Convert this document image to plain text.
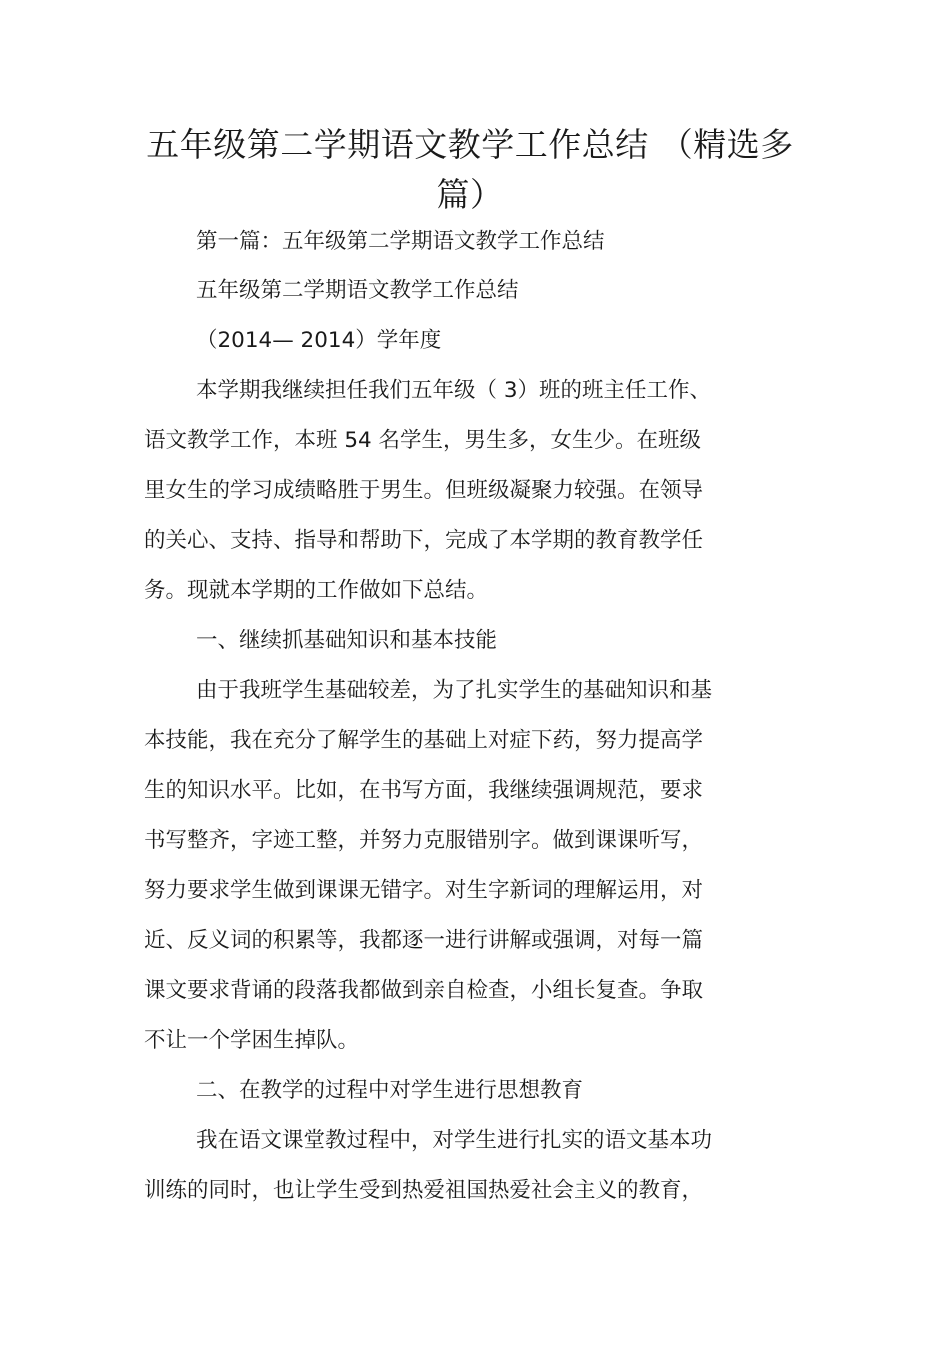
五年级第二学期语文教学工作总结 （精选多
篇）

第一篇：五年级第二学期语文教学工作总结

五年级第二学期语文教学工作总结

（2014— 2014）学年度

本学期我继续担任我们五年级（ 3）班的班主任工作、

语文教学工作，本班 54 名学生，男生多，女生少。在班级

里女生的学习成绩略胜于男生。但班级凝聚力较强。在领导

的关心、支持、指导和帮助下，完成了本学期的教育教学任

务。现就本学期的工作做如下总结。

一、继续抓基础知识和基本技能

由于我班学生基础较差，为了扎实学生的基础知识和基

本技能，我在充分了解学生的基础上对症下药，努力提高学

生的知识水平。比如，在书写方面，我继续强调规范，要求

书写整齐，字迹工整，并努力克服错别字。做到课课听写，

努力要求学生做到课课无错字。对生字新词的理解运用，对

近、反义词的积累等，我都逐一进行讲解或强调，对每一篇

课文要求背诵的段落我都做到亲自检查，小组长复查。争取

不让一个学困生掉队。

二、在教学的过程中对学生进行思想教育

我在语文课堂教过程中，对学生进行扎实的语文基本功

训练的同时，也让学生受到热爱祖国热爱社会主义的教育，
